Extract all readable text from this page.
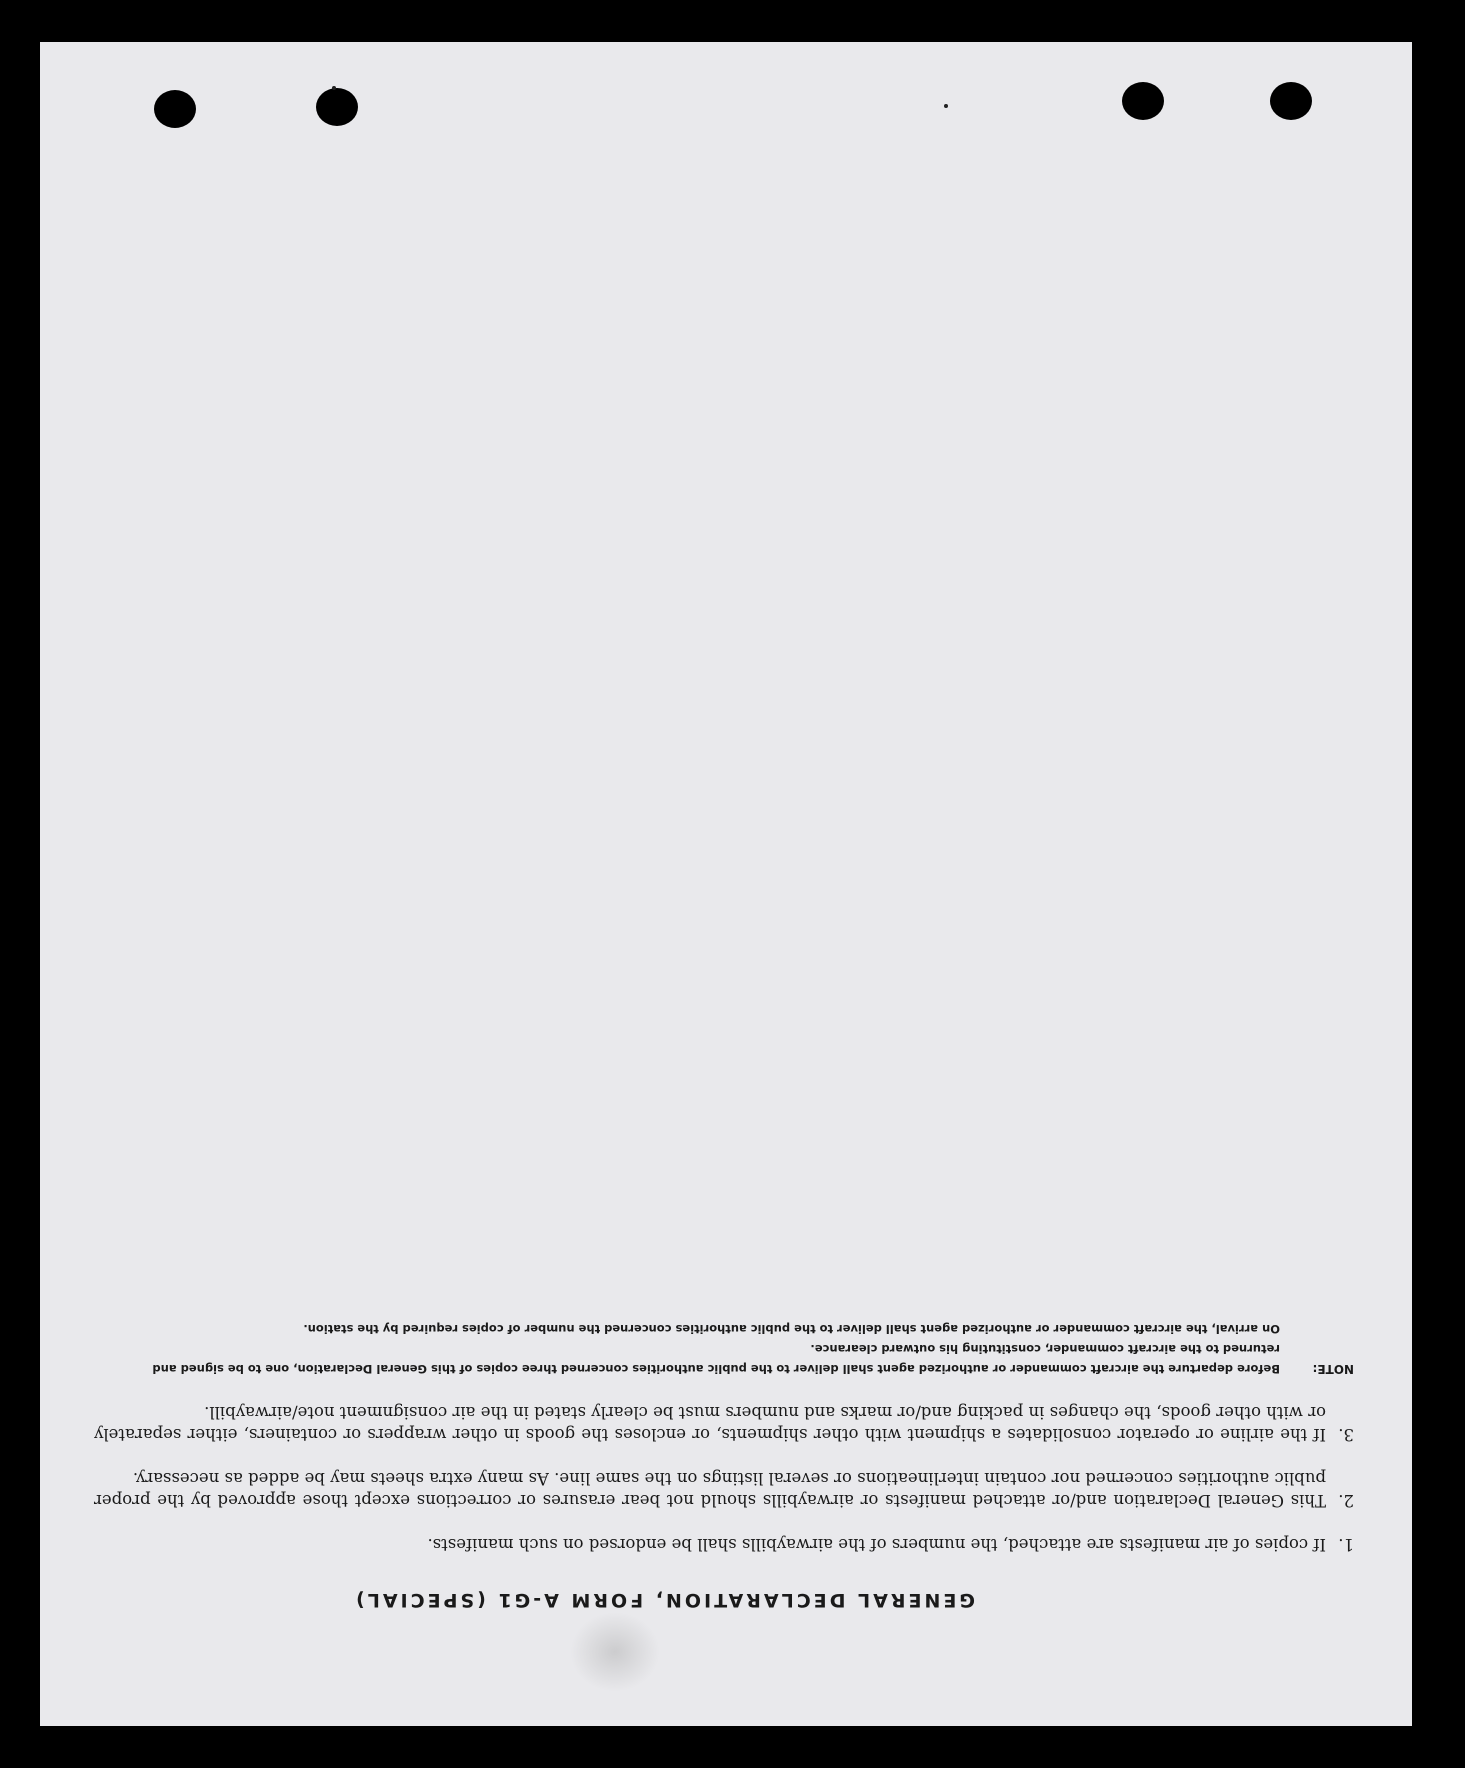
GENERAL DECLARATION, FORM A-G1 (SPECIAL)
1.
If copies of air manifests are attached, the numbers of the airwaybills shall be endorsed on such manifests.
2.
This General Declaration and/or attached manifests or airwaybills should not bear erasures or corrections except those approved by the proper public authorities concerned nor contain interlineations or several listings on the same line. As many extra sheets may be added as necessary.
3.
If the airline or operator consolidates a shipment with other shipments, or encloses the goods in other wrappers or containers, either separately or with other goods, the changes in packing and/or marks and numbers must be clearly stated in the air consignment note/airwaybill.
NOTE:

Before departure the aircraft commander or authorized agent shall deliver to the public authorities concerned three copies of this General Declaration, one to be signed and returned to the aircraft commander, constituting his outward clearance.

On arrival, the aircraft commander or authorized agent shall deliver to the public authorities concerned the number of copies required by the station.
